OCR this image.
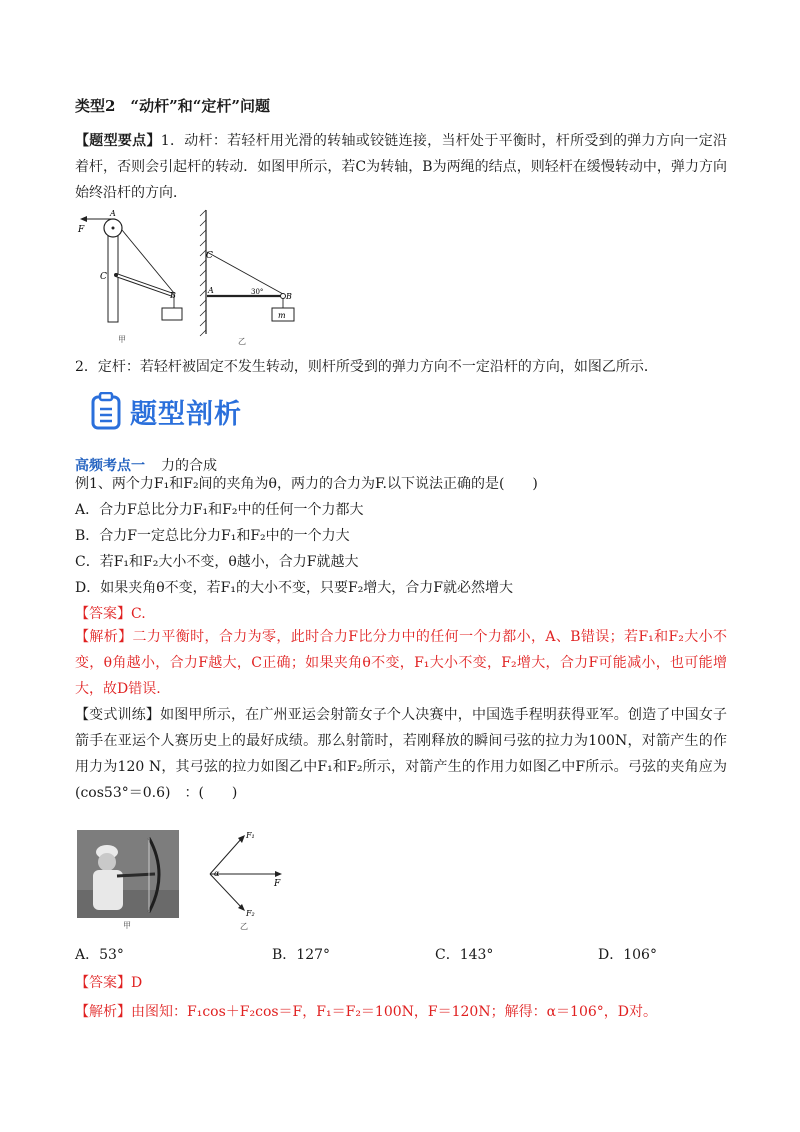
类型2　“动杆”和“定杆”问题
【题型要点】1．动杆：若轻杆用光滑的转轴或铰链连接，当杆处于平衡时，杆所受到的弹力方向一定沿着杆，否则会引起杆的转动．如图甲所示，若C为转轴，B为两绳的结点，则轻杆在缓慢转动中，弹力方向始终沿杆的方向．
F
A
C
B
甲
C
A
B
30°
m
乙
2．定杆：若轻杆被固定不发生转动，则杆所受到的弹力方向不一定沿杆的方向，如图乙所示．
题型剖析
高频考点一 力的合成
例1、两个力F₁和F₂间的夹角为θ，两力的合力为F.以下说法正确的是(　　)
A．合力F总比分力F₁和F₂中的任何一个力都大
B．合力F一定总比分力F₁和F₂中的一个力大
C．若F₁和F₂大小不变，θ越小，合力F就越大
D．如果夹角θ不变，若F₁的大小不变，只要F₂增大，合力F就必然增大
【答案】C.
【解析】二力平衡时，合力为零，此时合力F比分力中的任何一个力都小，A、B错误；若F₁和F₂大小不变，θ角越小，合力F越大，C正确；如果夹角θ不变，F₁大小不变，F₂增大，合力F可能减小，也可能增大，故D错误.
【变式训练】如图甲所示，在广州亚运会射箭女子个人决赛中，中国选手程明获得亚军。创造了中国女子箭手在亚运个人赛历史上的最好成绩。那么射箭时，若刚释放的瞬间弓弦的拉力为100N，对箭产生的作用力为120 N，其弓弦的拉力如图乙中F₁和F₂所示，对箭产生的作用力如图乙中F所示。弓弦的夹角应为(cos53°＝0.6)　：(　　)
甲
F₁
F₂
F
α
乙
A．53°	B．127°	C．143°	D．106°
【答案】D
【解析】由图知：F₁cos＋F₂cos＝F，F₁＝F₂＝100N，F＝120N；解得：α＝106°，D对。
